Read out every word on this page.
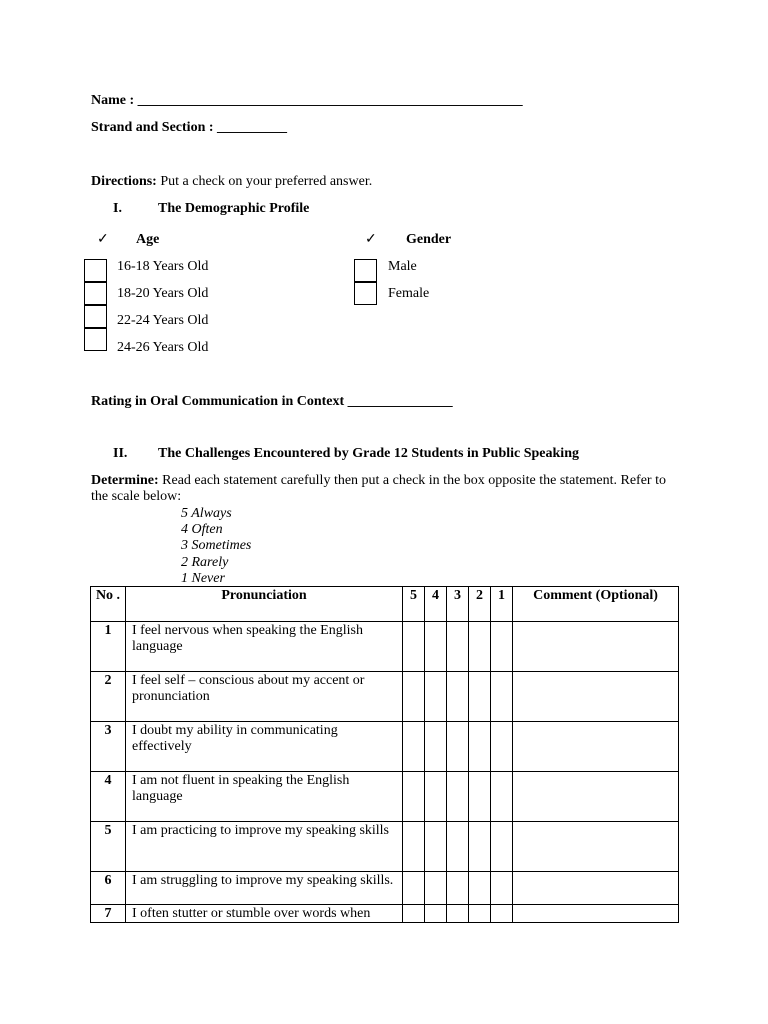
Name : _______________________________________________________
Strand and Section : __________
Directions: Put a check on your preferred answer.
I.	The Demographic Profile
✓ Age
16-18 Years Old
18-20 Years Old
22-24 Years Old
24-26 Years Old
✓ Gender
Male
Female
Rating in Oral Communication in Context _______________
II. The Challenges Encountered by Grade 12 Students in Public Speaking
Determine: Read each statement carefully then put a check in the box opposite the statement. Refer to the scale below:
5 Always
4 Often
3 Sometimes
2 Rarely
1 Never
No .	Pronunciation	5	4	3	2	1	Comment (Optional)
1	I feel nervous when speaking the English language						
2	I feel self – conscious about my accent or pronunciation						
3	I doubt my ability in communicating effectively						
4	I am not fluent in speaking the English language						
5	I am practicing to improve my speaking skills						
6	I am struggling to improve my speaking skills.						
7	I often stutter or stumble over words when						
